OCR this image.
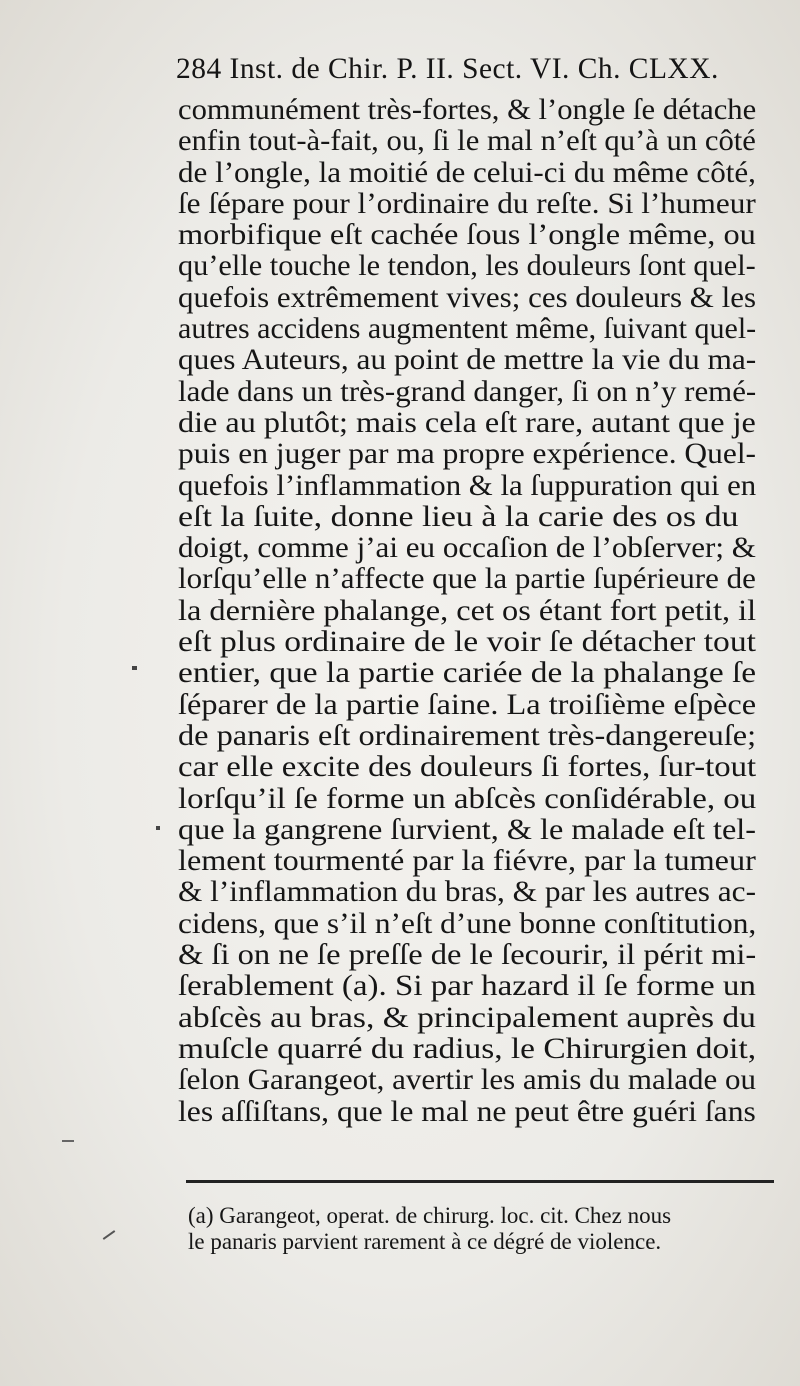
284 Inst. de Chir. P. II. Sect. VI. Ch. CLXX.
communément très-fortes, & l’ongle ſe détache
enfin tout-à-fait, ou, ſi le mal n’eſt qu’à un côté
de l’ongle, la moitié de celui-ci du même côté,
ſe ſépare pour l’ordinaire du reſte. Si l’humeur
morbifique eſt cachée ſous l’ongle même, ou
qu’elle touche le tendon, les douleurs ſont quel-
quefois extrêmement vives; ces douleurs & les
autres accidens augmentent même, ſuivant quel-
ques Auteurs, au point de mettre la vie du ma-
lade dans un très-grand danger, ſi on n’y remé-
die au plutôt; mais cela eſt rare, autant que je
puis en juger par ma propre expérience. Quel-
quefois l’inflammation & la ſuppuration qui en
eſt la ſuite, donne lieu à la carie des os du
doigt, comme j’ai eu occaſion de l’obſerver; &
lorſqu’elle n’affecte que la partie ſupérieure de
la dernière phalange, cet os étant fort petit, il
eſt plus ordinaire de le voir ſe détacher tout
entier, que la partie cariée de la phalange ſe
ſéparer de la partie ſaine. La troiſième eſpèce
de panaris eſt ordinairement très-dangereuſe;
car elle excite des douleurs ſi fortes, ſur-tout
lorſqu’il ſe forme un abſcès conſidérable, ou
que la gangrene ſurvient, & le malade eſt tel-
lement tourmenté par la fiévre, par la tumeur
& l’inflammation du bras, & par les autres ac-
cidens, que s’il n’eſt d’une bonne conſtitution,
& ſi on ne ſe preſſe de le ſecourir, il périt mi-
ſerablement (a). Si par hazard il ſe forme un
abſcès au bras, & principalement auprès du
muſcle quarré du radius, le Chirurgien doit,
ſelon Garangeot, avertir les amis du malade ou
les aſſiſtans, que le mal ne peut être guéri ſans
(a) Garangeot, operat. de chirurg. loc. cit. Chez nous
le panaris parvient rarement à ce dégré de violence.
